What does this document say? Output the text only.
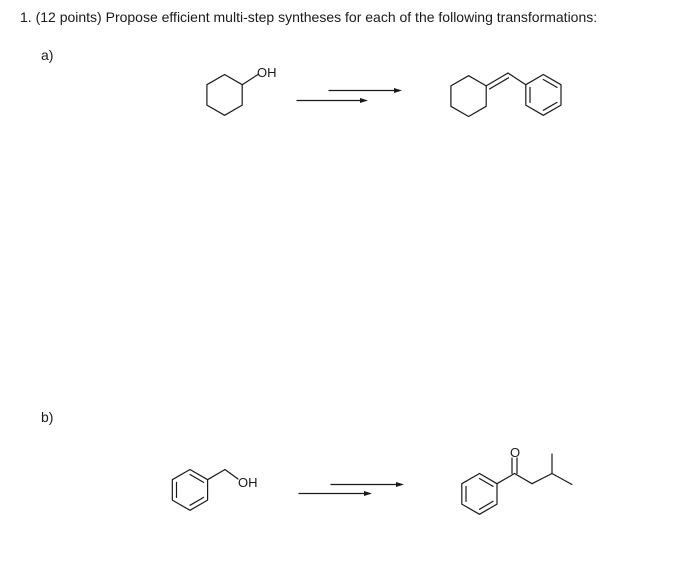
1. (12 points) Propose efficient multi-step syntheses for each of the following transformations:
a)
b)
OH
OH
O
